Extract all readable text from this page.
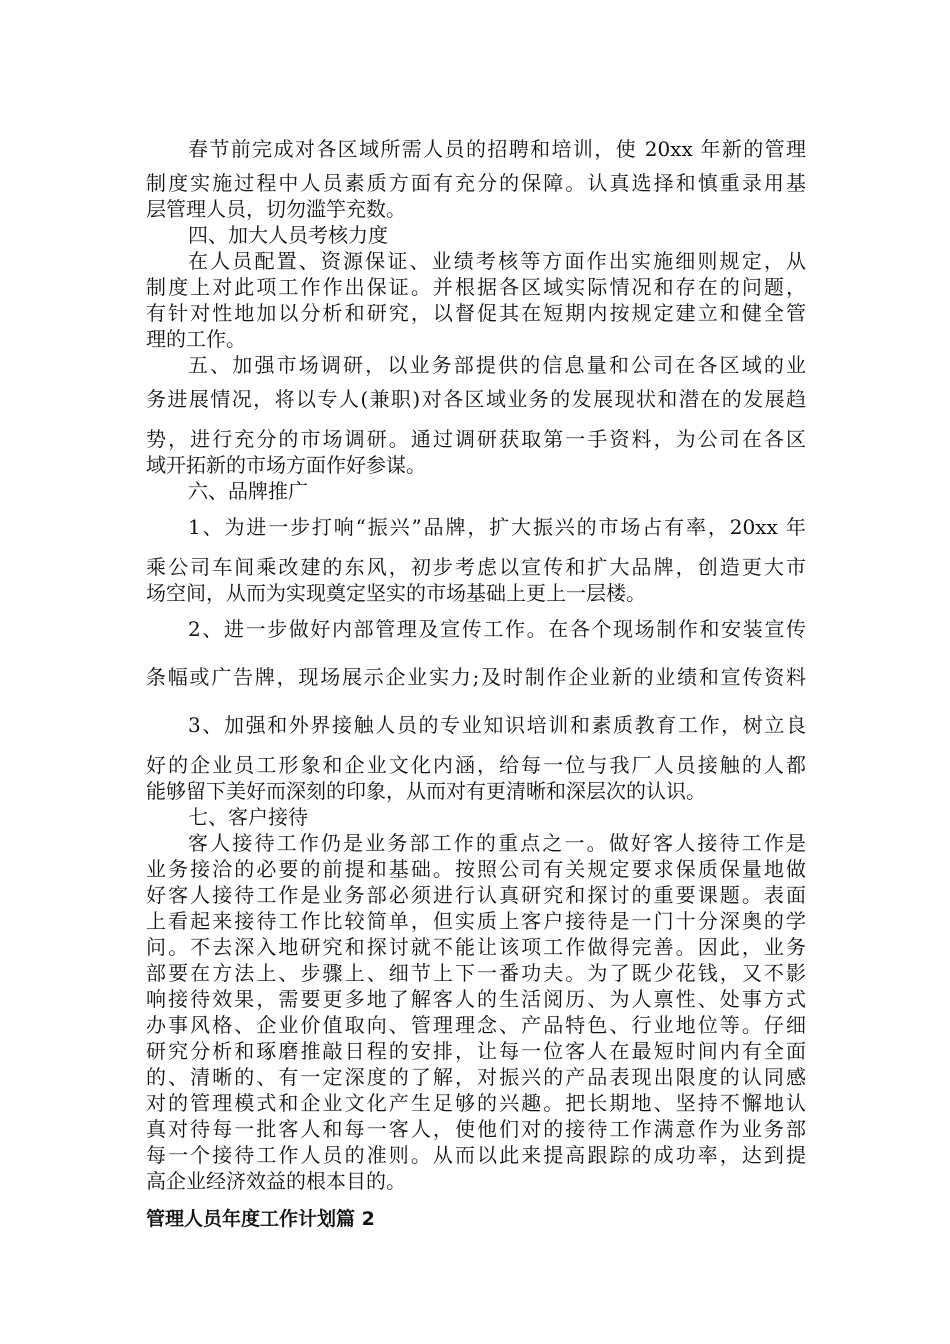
春节前完成对各区域所需人员的招聘和培训，使 20xx 年新的管理
制度实施过程中人员素质方面有充分的保障。认真选择和慎重录用基
层管理人员，切勿滥竽充数。
四、加大人员考核力度
在人员配置、资源保证、业绩考核等方面作出实施细则规定，从
制度上对此项工作作出保证。并根据各区域实际情况和存在的问题，
有针对性地加以分析和研究，以督促其在短期内按规定建立和健全管
理的工作。
五、加强市场调研，以业务部提供的信息量和公司在各区域的业
务进展情况，将以专人(兼职)对各区域业务的发展现状和潜在的发展趋
势，进行充分的市场调研。通过调研获取第一手资料，为公司在各区
域开拓新的市场方面作好参谋。
六、品牌推广
1、为进一步打响“振兴”品牌，扩大振兴的市场占有率，20xx 年
乘公司车间乘改建的东风，初步考虑以宣传和扩大品牌，创造更大市
场空间，从而为实现奠定坚实的市场基础上更上一层楼。
2、进一步做好内部管理及宣传工作。在各个现场制作和安装宣传
条幅或广告牌，现场展示企业实力;及时制作企业新的业绩和宣传资料
3、加强和外界接触人员的专业知识培训和素质教育工作，树立良
好的企业员工形象和企业文化内涵，给每一位与我厂人员接触的人都
能够留下美好而深刻的印象，从而对有更清晰和深层次的认识。
七、客户接待
客人接待工作仍是业务部工作的重点之一。做好客人接待工作是
业务接洽的必要的前提和基础。按照公司有关规定要求保质保量地做
好客人接待工作是业务部必须进行认真研究和探讨的重要课题。表面
上看起来接待工作比较简单，但实质上客户接待是一门十分深奥的学
问。不去深入地研究和探讨就不能让该项工作做得完善。因此，业务
部要在方法上、步骤上、细节上下一番功夫。为了既少花钱，又不影
响接待效果，需要更多地了解客人的生活阅历、为人禀性、处事方式
办事风格、企业价值取向、管理理念、产品特色、行业地位等。仔细
研究分析和琢磨推敲日程的安排，让每一位客人在最短时间内有全面
的、清晰的、有一定深度的了解，对振兴的产品表现出限度的认同感
对的管理模式和企业文化产生足够的兴趣。把长期地、坚持不懈地认
真对待每一批客人和每一客人，使他们对的接待工作满意作为业务部
每一个接待工作人员的准则。从而以此来提高跟踪的成功率，达到提
高企业经济效益的根本目的。
管理人员年度工作计划篇 2
